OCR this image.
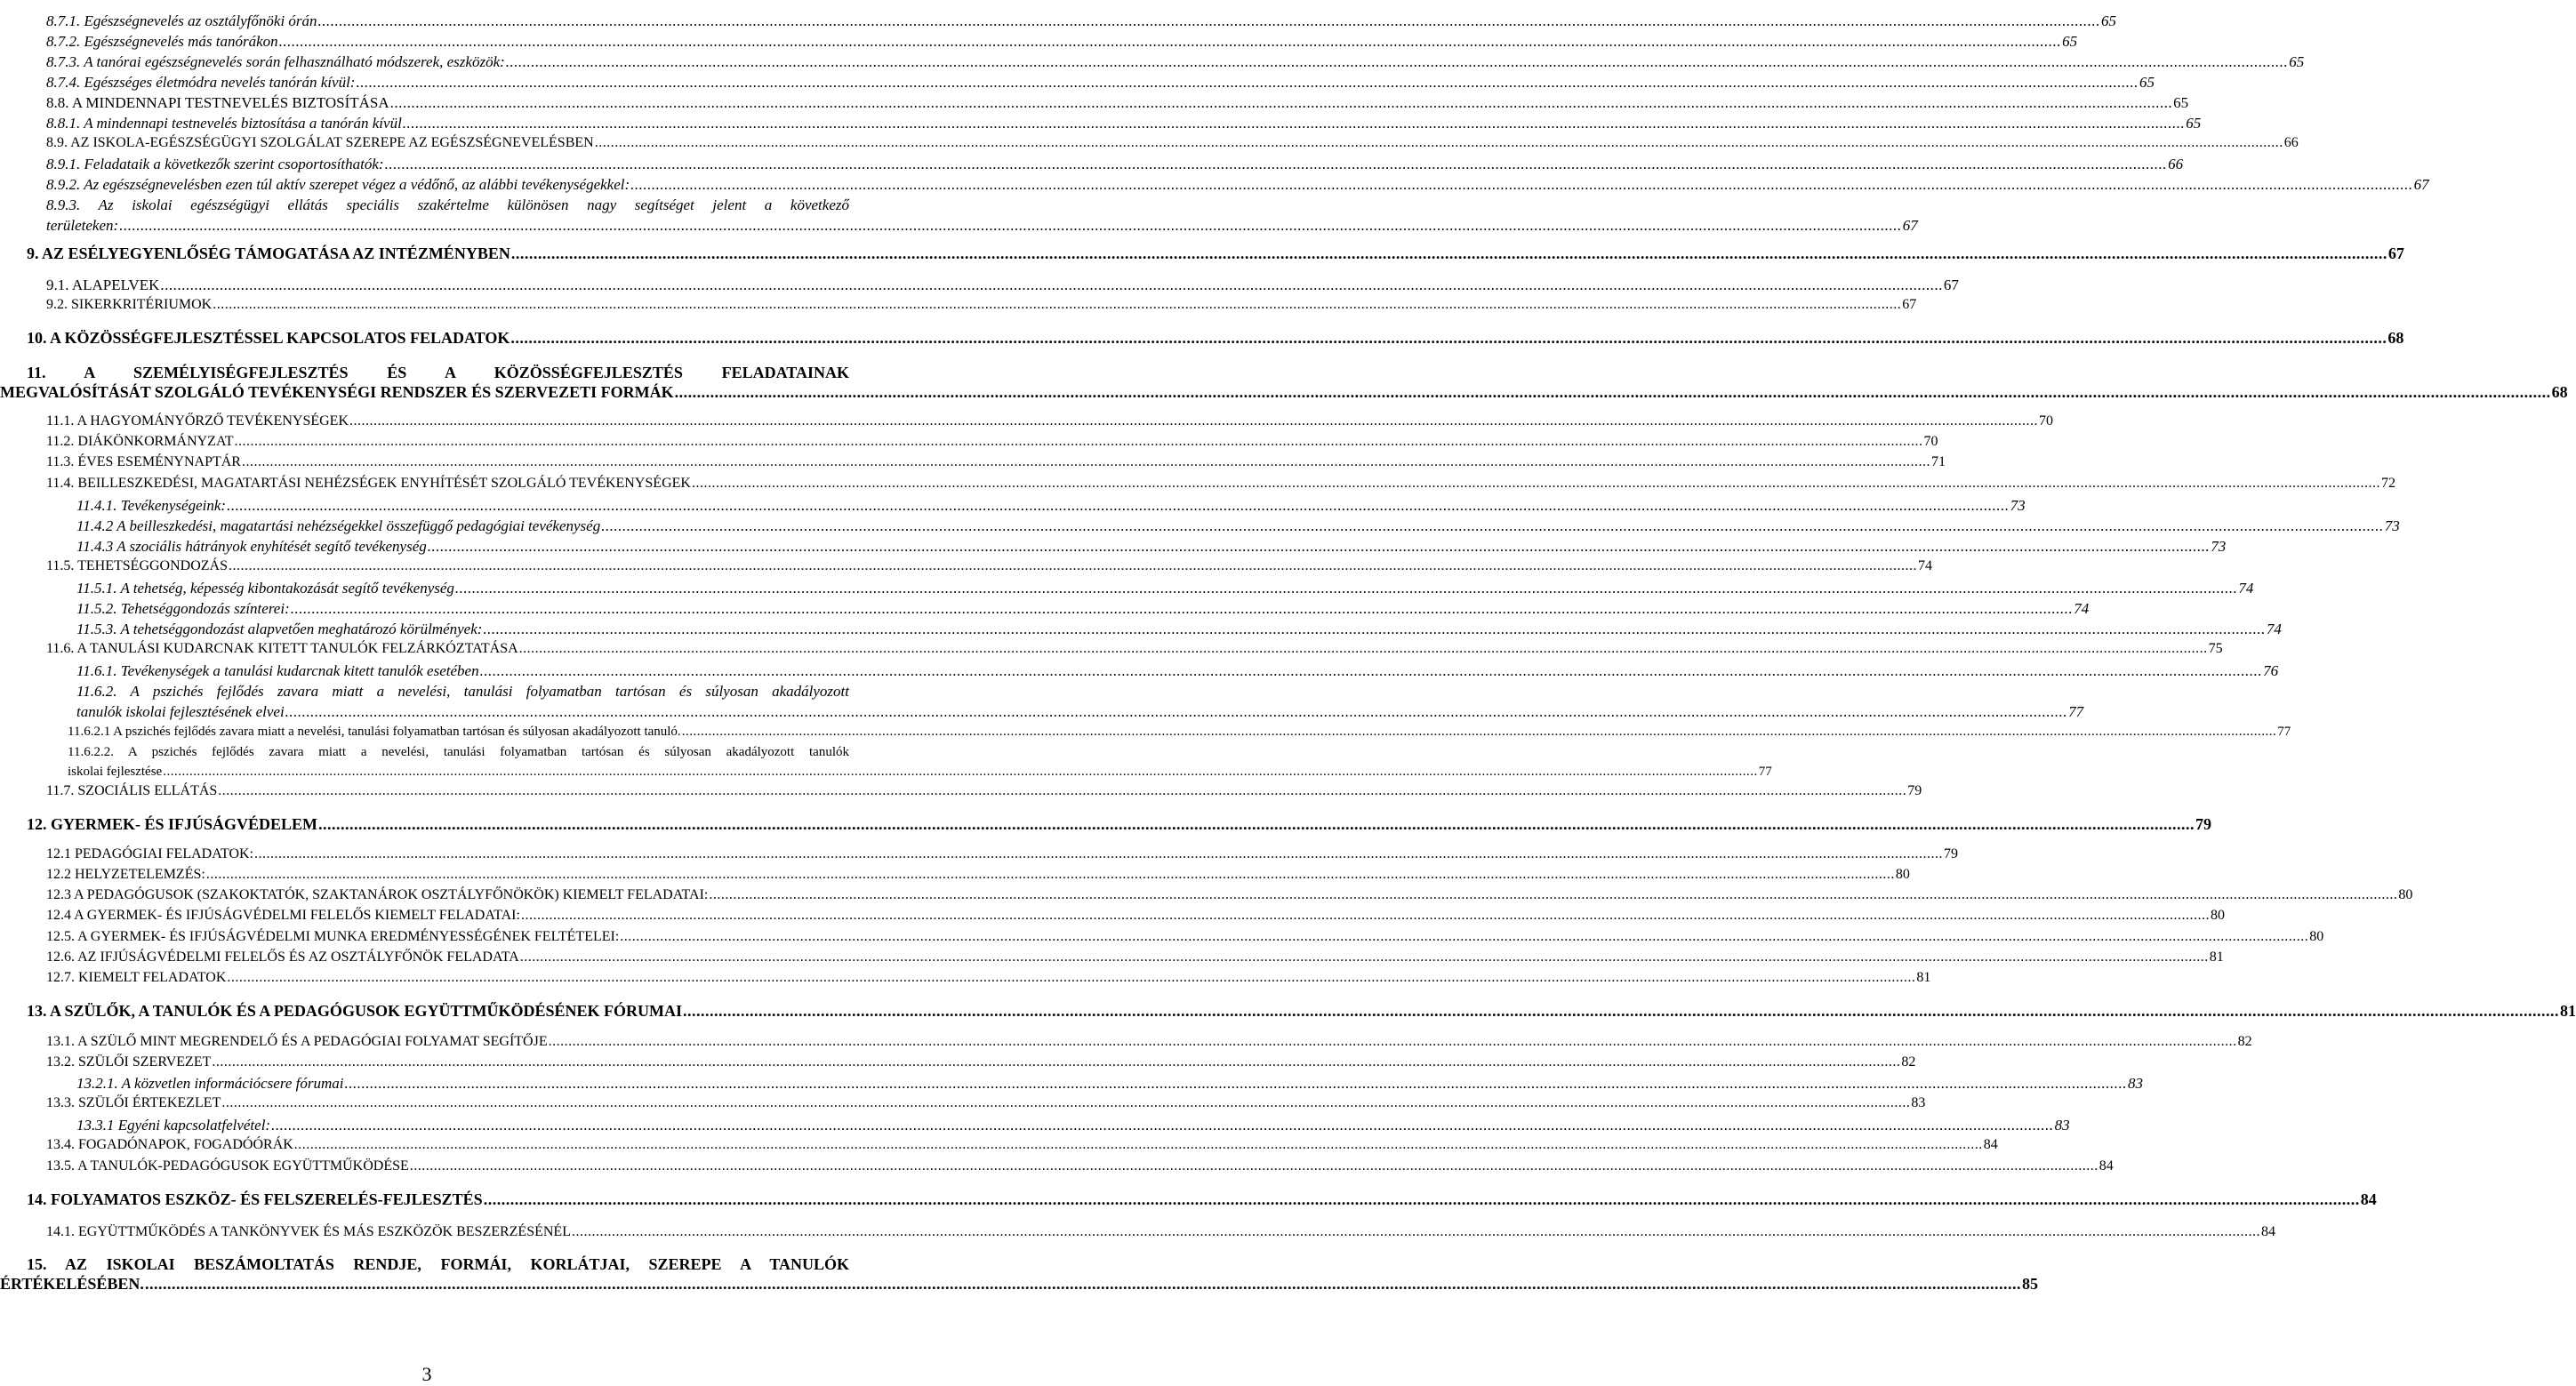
8.7.1. Egészségnevelés az osztályfőnöki órán .....	65
8.7.2. Egészségnevelés más tanórákon .....	65
8.7.3. A tanórai egészségnevelés során felhasználható módszerek, eszközök: .....	65
8.7.4. Egészséges életmódra nevelés tanórán kívül: .....	65
8.8. A MINDENNAPI TESTNEVELÉS BIZTOSÍTÁSA .....	65
8.8.1. A mindennapi testnevelés biztosítása a tanórán kívül .....	65
8.9. AZ ISKOLA-EGÉSZSÉGÜGYI SZOLGÁLAT SZEREPE AZ EGÉSZSÉGNEVELÉSBEN .....	66
8.9.1. Feladataik a következők szerint csoportosíthatók: .....	66
8.9.2. Az egészségnevelésben ezen túl aktív szerepet végez a védőnő, az alábbi tevékenységekkel: .....	67
8.9.3. Az iskolai egészségügyi ellátás speciális szakértelme különösen nagy segítséget jelent a következő
területeken: .....	67
9. AZ ESÉLYEGYENLŐSÉG TÁMOGATÁSA AZ INTÉZMÉNYBEN .....	67
9.1. ALAPELVEK .....	67
9.2. SIKERKRITÉRIUMOK .....	67
10. A KÖZÖSSÉGFEJLESZTÉSSEL KAPCSOLATOS FELADATOK .....	68
11. A SZEMÉLYISÉGFEJLESZTÉS ÉS A KÖZÖSSÉGFEJLESZTÉS FELADATAINAK
MEGVALÓSÍTÁSÁT SZOLGÁLÓ TEVÉKENYSÉGI RENDSZER ÉS SZERVEZETI FORMÁK .....	68
11.1. A HAGYOMÁNYŐRZŐ TEVÉKENYSÉGEK .....	70
11.2. DIÁKÖNKORMÁNYZAT .....	70
11.3. ÉVES ESEMÉNYNAPTÁR .....	71
11.4. BEILLESZKEDÉSI, MAGATARTÁSI NEHÉZSÉGEK ENYHÍTÉSÉT SZOLGÁLÓ TEVÉKENYSÉGEK .....	72
11.4.1. Tevékenységeink: .....	73
11.4.2 A beilleszkedési, magatartási nehézségekkel összefüggő pedagógiai tevékenység .....	73
11.4.3 A szociális hátrányok enyhítését segítő tevékenység .....	73
11.5. TEHETSÉGGONDOZÁS .....	74
11.5.1. A tehetség, képesség kibontakozását segítő tevékenység .....	74
11.5.2. Tehetséggondozás színterei: .....	74
11.5.3. A tehetséggondozást alapvetően meghatározó körülmények: .....	74
11.6. A TANULÁSI KUDARCNAK KITETT TANULÓK FELZÁRKÓZTATÁSA .....	75
11.6.1. Tevékenységek a tanulási kudarcnak kitett tanulók esetében .....	76
11.6.2. A pszichés fejlődés zavara miatt a nevelési, tanulási folyamatban tartósan és súlyosan akadályozott
tanulók iskolai fejlesztésének elvei .....	77
11.6.2.1 A pszichés fejlődés zavara miatt a nevelési, tanulási folyamatban tartósan és súlyosan akadályozott tanuló. .....	77
11.6.2.2. A pszichés fejlődés zavara miatt a nevelési, tanulási folyamatban tartósan és súlyosan akadályozott tanulók
iskolai fejlesztése .....	77
11.7. SZOCIÁLIS ELLÁTÁS .....	79
12. GYERMEK- ÉS IFJÚSÁGVÉDELEM .....	79
12.1 PEDAGÓGIAI FELADATOK: .....	79
12.2 HELYZETELEMZÉS: .....	80
12.3 A PEDAGÓGUSOK (SZAKOKTATÓK, SZAKTANÁROK OSZTÁLYFŐNÖKÖK) KIEMELT FELADATAI: .....	80
12.4 A GYERMEK- ÉS IFJÚSÁGVÉDELMI FELELŐS KIEMELT FELADATAI: .....	80
12.5. A GYERMEK- ÉS IFJÚSÁGVÉDELMI MUNKA EREDMÉNYESSÉGÉNEK FELTÉTELEI: .....	80
12.6. AZ IFJÚSÁGVÉDELMI FELELŐS ÉS AZ OSZTÁLYFŐNÖK FELADATA .....	81
12.7. KIEMELT FELADATOK .....	81
13. A SZÜLŐK, A TANULÓK ÉS A PEDAGÓGUSOK EGYÜTTMŰKÖDÉSÉNEK FÓRUMAI .....	81
13.1. A SZÜLŐ MINT MEGRENDELŐ ÉS A PEDAGÓGIAI FOLYAMAT SEGÍTŐJE .....	82
13.2. SZÜLŐI SZERVEZET .....	82
13.2.1. A közvetlen információcsere fórumai .....	83
13.3. SZÜLŐI ÉRTEKEZLET .....	83
13.3.1 Egyéni kapcsolatfelvétel: .....	83
13.4. FOGADÓNAPOK, FOGADÓÓRÁK .....	84
13.5. A TANULÓK-PEDAGÓGUSOK EGYÜTTMŰKÖDÉSE .....	84
14. FOLYAMATOS ESZKÖZ- ÉS FELSZERELÉS-FEJLESZTÉS .....	84
14.1. EGYÜTTMŰKÖDÉS A TANKÖNYVEK ÉS MÁS ESZKÖZÖK BESZERZÉSÉNÉL .....	84
15. AZ ISKOLAI BESZÁMOLTATÁS RENDJE, FORMÁI, KORLÁTJAI, SZEREPE A TANULÓK
ÉRTÉKELÉSÉBEN. .....	85
3
